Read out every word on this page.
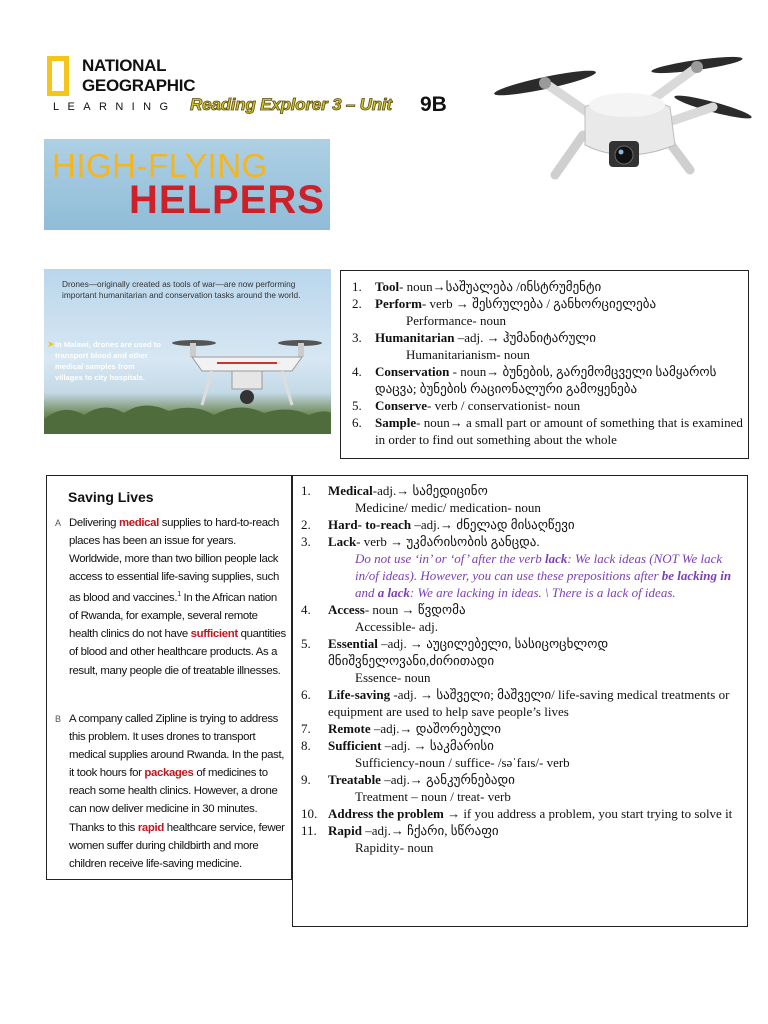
NATIONAL
GEOGRAPHIC
LEARNING Reading Explorer 3 – Unit 9B
HIGH-FLYING
HELPERS
Drones—originally created as tools of war—are now performing important humanitarian and conservation tasks around the world.
➤ In Malawi, drones are used to transport blood and other medical samples from villages to city hospitals.
1.	Tool- noun→საშუალება /ინსტრუმენტი
2.	Perform- verb → შესრულება / განხორციელება
Performance- noun
3.	Humanitarian –adj. → ჰუმანიტარული
Humanitarianism- noun
4.	Conservation - noun→ ბუნების, გარემომცველი სამყაროს დაცვა; ბუნების რაციონალური გამოყენება
5.	Conserve- verb / conservationist- noun
6.	Sample- noun→ a small part or amount of something that is examined in order to find out something about the whole
Saving Lives
A Delivering medical supplies to hard-to-reach places has been an issue for years. Worldwide, more than two billion people lack access to essential life-saving supplies, such as blood and vaccines.$^1$ In the African nation of Rwanda, for example, several remote health clinics do not have sufficient quantities of blood and other healthcare products. As a result, many people die of treatable illnesses.
B A company called Zipline is trying to address this problem. It uses drones to transport medical supplies around Rwanda. In the past, it took hours for packages of medicines to reach some health clinics. However, a drone can now deliver medicine in 30 minutes. Thanks to this rapid healthcare service, fewer women suffer during childbirth and more children receive life-saving medicine.
1.	Medical-adj.→ სამედიცინო
Medicine/ medic/ medication- noun
2.	Hard- to-reach –adj.→ ძნელად მისაღწევი
3.	Lack- verb → უკმარისობის განცდა.
Do not use ‘in’ or ‘of’ after the verb lack: We lack ideas (NOT We lack in/of ideas). However, you can use these prepositions after be lacking in and a lack: We are lacking in ideas. \ There is a lack of ideas.
4.	Access- noun → წვდომა
Accessible- adj.
5.	Essential –adj. → აუცილებელი, სასიცოცხლოდ მნიშვნელოვანი,ძირითადი
Essence- noun
6.	Life-saving -adj. → საშველი; მაშველი/ life-saving medical treatments or equipment are used to help save people’s lives
7.	Remote –adj.→ დაშორებული
8.	Sufficient –adj. → საკმარისი
Sufficiency-noun / suffice- /səˈfaɪs/- verb
9.	Treatable –adj.→ განკურნებადი
Treatment – noun / treat- verb
10. Address the problem → if you address a problem, you start trying to solve it
11. Rapid –adj.→ ჩქარი, სწრაფი
Rapidity- noun
